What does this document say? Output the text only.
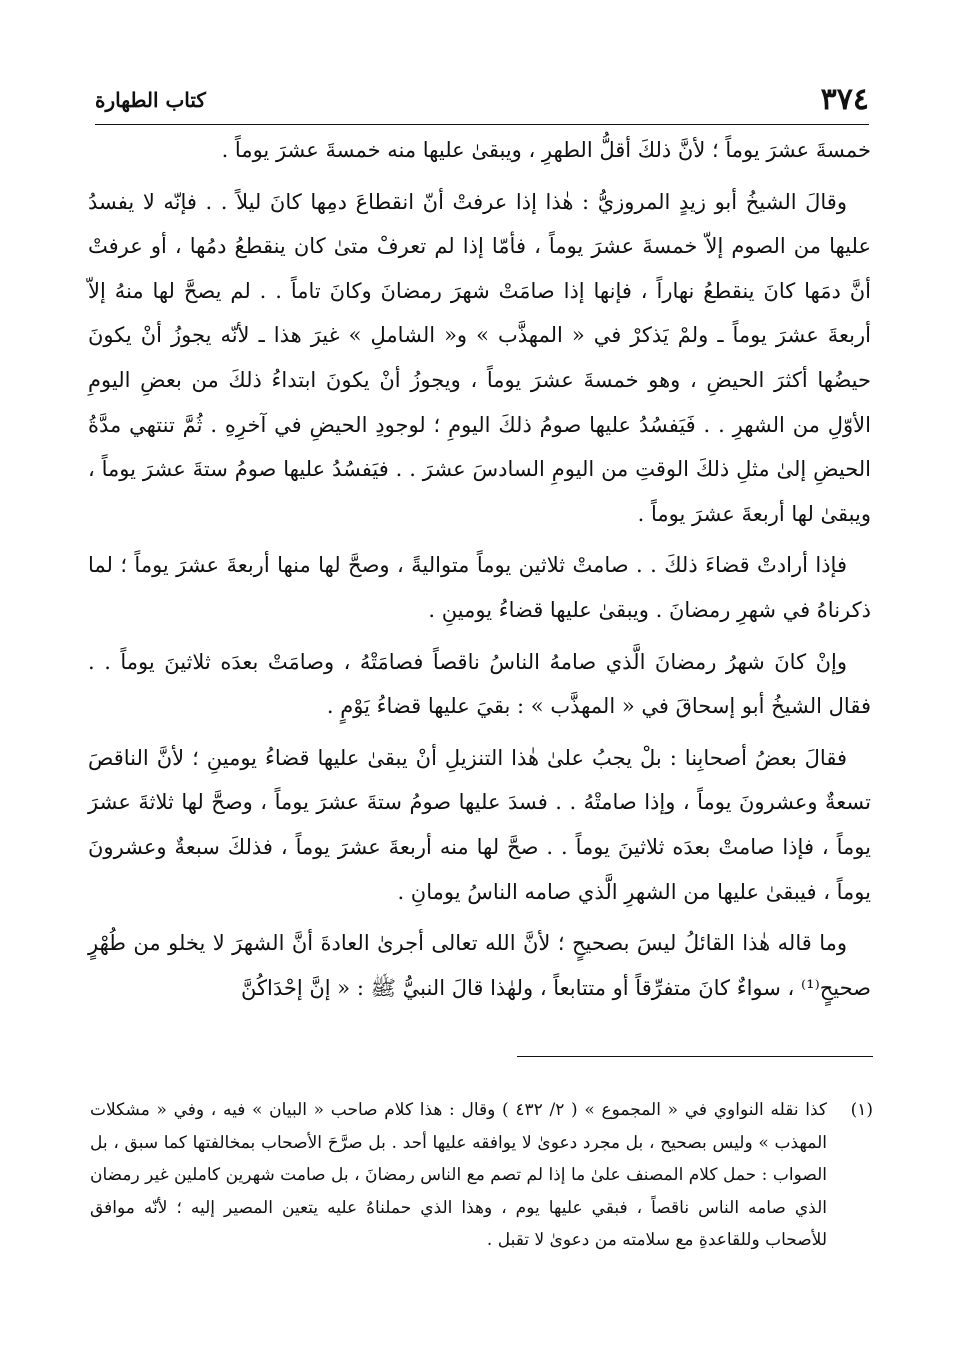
٣٧٤
كتاب الطهارة

خمسةَ عشرَ يوماً ؛ لأنَّ ذلكَ أقلُّ الطهرِ ، ويبقىٰ عليها منه خمسةَ عشرَ يوماً .

وقالَ الشيخُ أبو زيدٍ المروزيُّ : هٰذا إذا عرفتْ أنّ انقطاعَ دمِها كانَ ليلاً . . فإنّه لا يفسدُ عليها من الصوم إلاّ خمسةَ عشرَ يوماً ، فأمّا إذا لم تعرفْ متىٰ كان ينقطعُ دمُها ، أو عرفتْ أنَّ دمَها كانَ ينقطعُ نهاراً ، فإنها إذا صامَتْ شهرَ رمضانَ وكانَ تاماً . . لم يصحَّ لها منهُ إلاّ أربعةَ عشرَ يوماً ـ ولمْ يَذكرْ في « المهذَّب » و« الشاملِ » غيرَ هذا ـ لأنّه يجوزُ أنْ يكونَ حيضُها أكثرَ الحيضِ ، وهو خمسةَ عشرَ يوماً ، ويجوزُ أنْ يكونَ ابتداءُ ذلكَ من بعضِ اليومِ الأوّلِ من الشهرِ . . فَيَفسُدُ عليها صومُ ذلكَ اليومِ ؛ لوجودِ الحيضِ في آخرِهِ . ثُمَّ تنتهي مدَّةُ الحيضِ إلىٰ مثلِ ذلكَ الوقتِ من اليومِ السادسَ عشرَ . . فيَفسُدُ عليها صومُ ستةَ عشرَ يوماً ، ويبقىٰ لها أربعةَ عشرَ يوماً .

فإذا أرادتْ قضاءَ ذلكَ . . صامتْ ثلاثين يوماً متواليةً ، وصحَّ لها منها أربعةَ عشرَ يوماً ؛ لما ذكرناهُ في شهرِ رمضانَ . ويبقىٰ عليها قضاءُ يومينِ .

وإنْ كانَ شهرُ رمضانَ الَّذي صامهُ الناسُ ناقصاً فصامَتْهُ ، وصامَتْ بعدَه ثلاثينَ يوماً . . فقال الشيخُ أبو إسحاقَ في « المهذَّب » : بقيَ عليها قضاءُ يَوْمٍ .

فقالَ بعضُ أصحابِنا : بلْ يجبُ علىٰ هٰذا التنزيلِ أنْ يبقىٰ عليها قضاءُ يومينِ ؛ لأنَّ الناقصَ تسعةٌ وعشرونَ يوماً ، وإذا صامتْهُ . . فسدَ عليها صومُ ستةَ عشرَ يوماً ، وصحَّ لها ثلاثةَ عشرَ يوماً ، فإذا صامتْ بعدَه ثلاثينَ يوماً . . صحَّ لها منه أربعةَ عشرَ يوماً ، فذلكَ سبعةٌ وعشرونَ يوماً ، فيبقىٰ عليها من الشهرِ الَّذي صامه الناسُ يومانِ .

وما قاله هٰذا القائلُ ليسَ بصحيحٍ ؛ لأنَّ الله تعالى أجرىٰ العادةَ أنَّ الشهرَ لا يخلو من طُهْرٍ صحيحٍ⁽¹⁾ ، سواءٌ كانَ متفرِّقاً أو متتابعاً ، ولهٰذا قالَ النبيُّ ﷺ : « إنَّ إحْدَاكُنَّ

(١)
كذا نقله النواوي في « المجموع » ( ٢/ ٤٣٢ ) وقال : هذا كلام صاحب « البيان » فيه ، وفي « مشكلات المهذب » وليس بصحيح ، بل مجرد دعوىٰ لا يوافقه عليها أحد . بل صرَّحَ الأصحاب بمخالفتها كما سبق ، بل الصواب : حمل كلام المصنف علىٰ ما إذا لم تصم مع الناس رمضانَ ، بل صامت شهرين كاملين غير رمضان الذي صامه الناس ناقصاً ، فبقي عليها يوم ، وهذا الذي حملناهُ عليه يتعين المصير إليه ؛ لأنّه موافق للأصحاب وللقاعدةِ مع سلامته من دعوىٰ لا تقبل .
